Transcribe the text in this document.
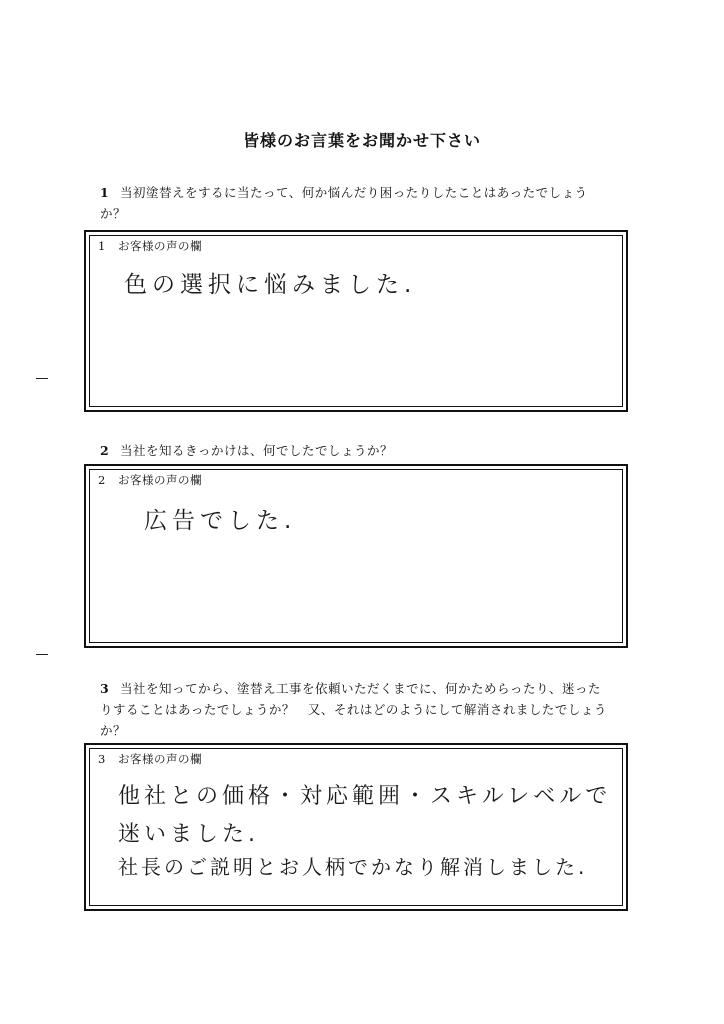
皆様のお言葉をお聞かせ下さい
1 当初塗替えをするに当たって、何か悩んだり困ったりしたことはあったでしょう
か？
1 お客様の声の欄
色の選択に悩みました.
2 当社を知るきっかけは、何でしたでしょうか？
2 お客様の声の欄
広告でした.
3 当社を知ってから、塗替え工事を依頼いただくまでに、何かためらったり、迷った
りすることはあったでしょうか？　又、それはどのようにして解消されましたでしょう
か？
3 お客様の声の欄
他社との価格・対応範囲・スキルレベルで
迷いました.
社長のご説明とお人柄でかなり解消しました.
